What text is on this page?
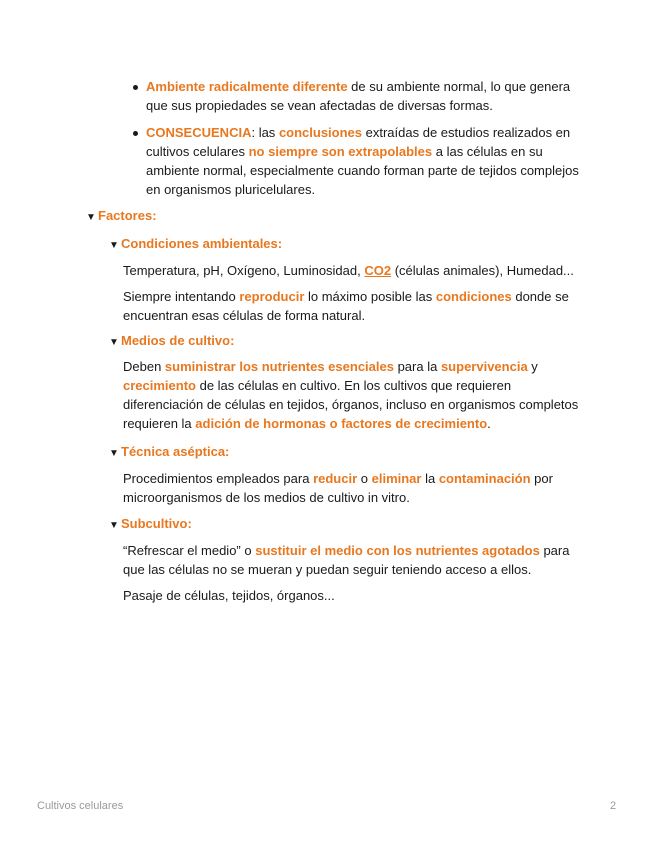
Ambiente radicalmente diferente de su ambiente normal, lo que genera que sus propiedades se vean afectadas de diversas formas.
CONSECUENCIA: las conclusiones extraídas de estudios realizados en cultivos celulares no siempre son extrapolables a las células en su ambiente normal, especialmente cuando forman parte de tejidos complejos en organismos pluricelulares.
▼ Factores:
▼ Condiciones ambientales:

Temperatura, pH, Oxígeno, Luminosidad, CO2 (células animales), Humedad...

Siempre intentando reproducir lo máximo posible las condiciones donde se encuentran esas células de forma natural.

▼ Medios de cultivo:

Deben suministrar los nutrientes esenciales para la supervivencia y crecimiento de las células en cultivo. En los cultivos que requieren diferenciación de células en tejidos, órganos, incluso en organismos completos requieren la adición de hormonas o factores de crecimiento.

▼ Técnica aséptica:

Procedimientos empleados para reducir o eliminar la contaminación por microorganismos de los medios de cultivo in vitro.

▼ Subcultivo:

“Refrescar el medio” o sustituir el medio con los nutrientes agotados para que las células no se mueran y puedan seguir teniendo acceso a ellos.

Pasaje de células, tejidos, órganos...

Cultivos celulares	2
